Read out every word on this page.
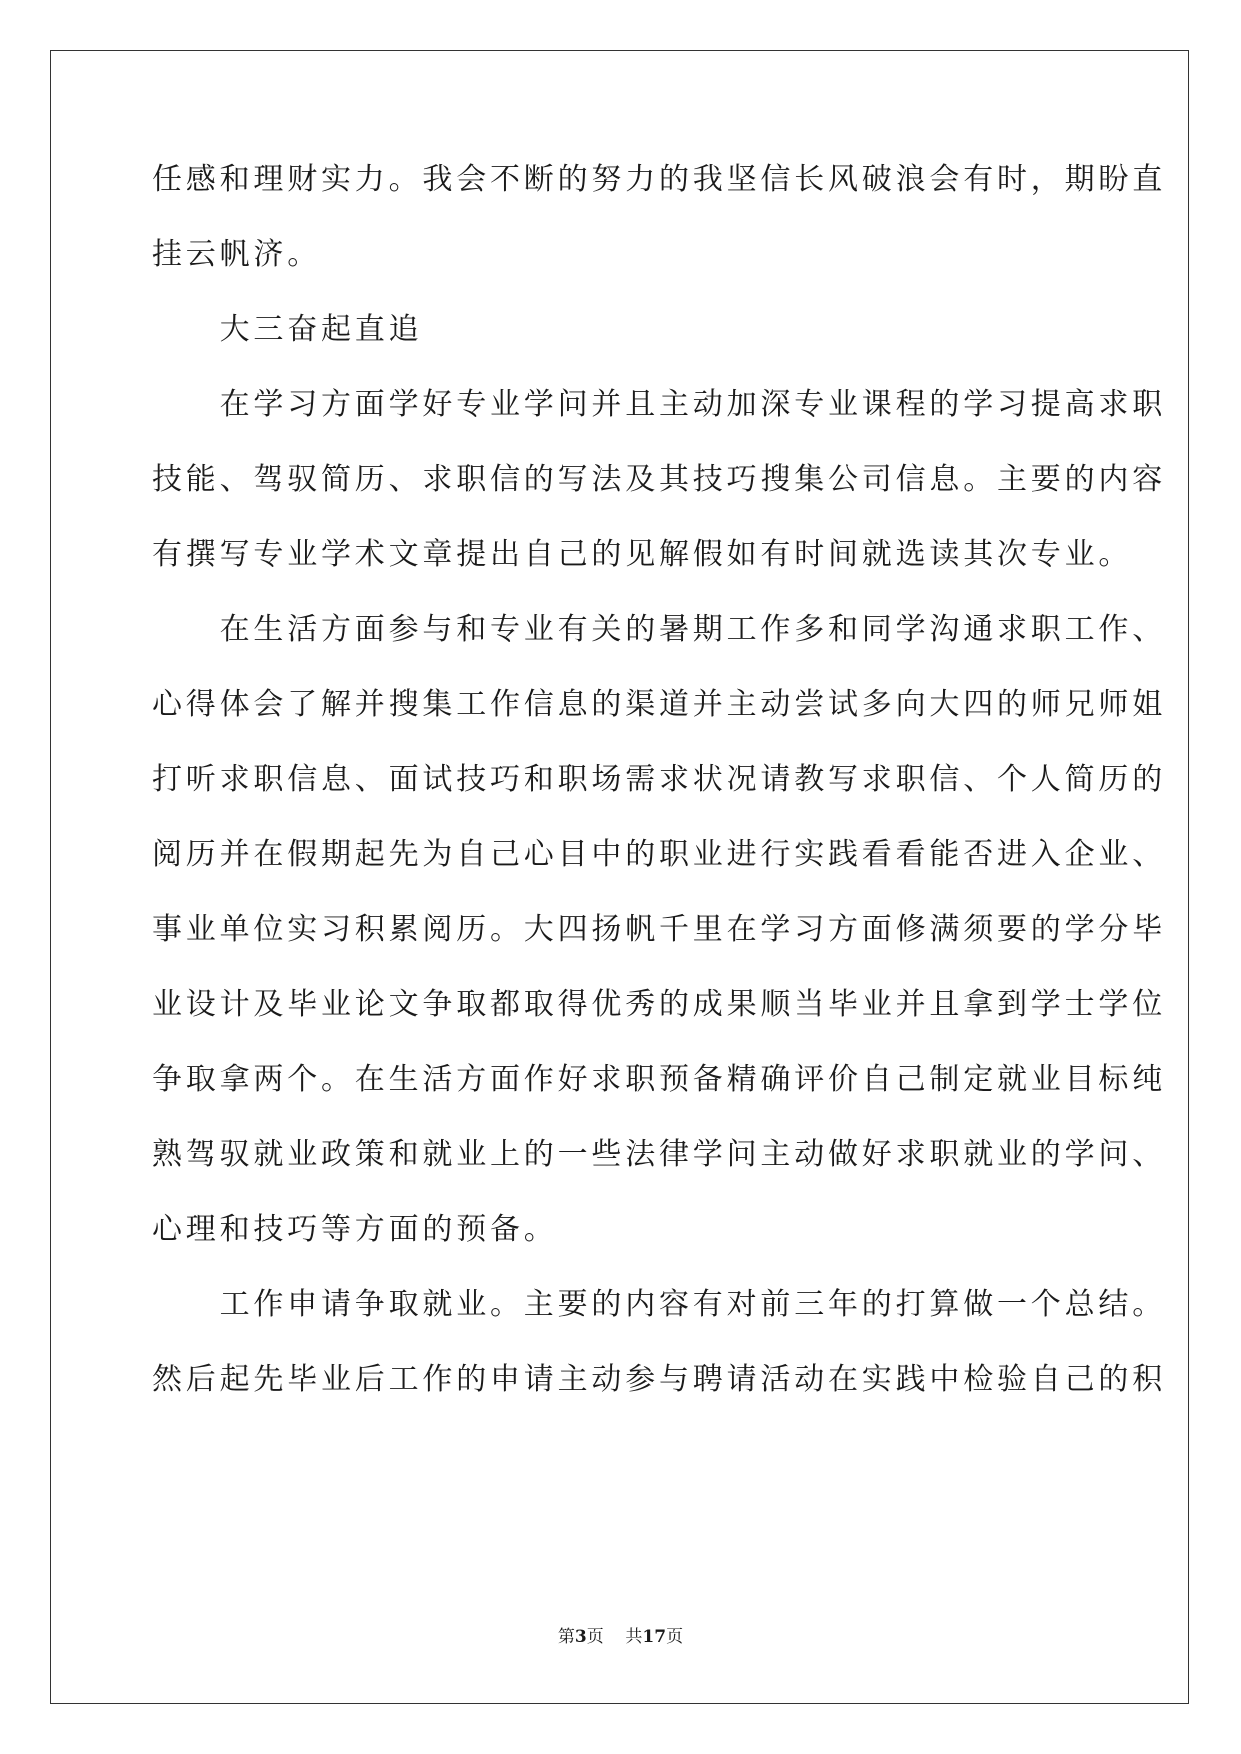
任感和理财实力。我会不断的努力的我坚信长风破浪会有时，期盼直
挂云帆济。
　　大三奋起直追
　　在学习方面学好专业学问并且主动加深专业课程的学习提高求职
技能、驾驭简历、求职信的写法及其技巧搜集公司信息。主要的内容
有撰写专业学术文章提出自己的见解假如有时间就选读其次专业。
　　在生活方面参与和专业有关的暑期工作多和同学沟通求职工作、
心得体会了解并搜集工作信息的渠道并主动尝试多向大四的师兄师姐
打听求职信息、面试技巧和职场需求状况请教写求职信、个人简历的
阅历并在假期起先为自己心目中的职业进行实践看看能否进入企业、
事业单位实习积累阅历。大四扬帆千里在学习方面修满须要的学分毕
业设计及毕业论文争取都取得优秀的成果顺当毕业并且拿到学士学位
争取拿两个。在生活方面作好求职预备精确评价自己制定就业目标纯
熟驾驭就业政策和就业上的一些法律学问主动做好求职就业的学问、
心理和技巧等方面的预备。
　　工作申请争取就业。主要的内容有对前三年的打算做一个总结。
然后起先毕业后工作的申请主动参与聘请活动在实践中检验自己的积
第3页 共17页
